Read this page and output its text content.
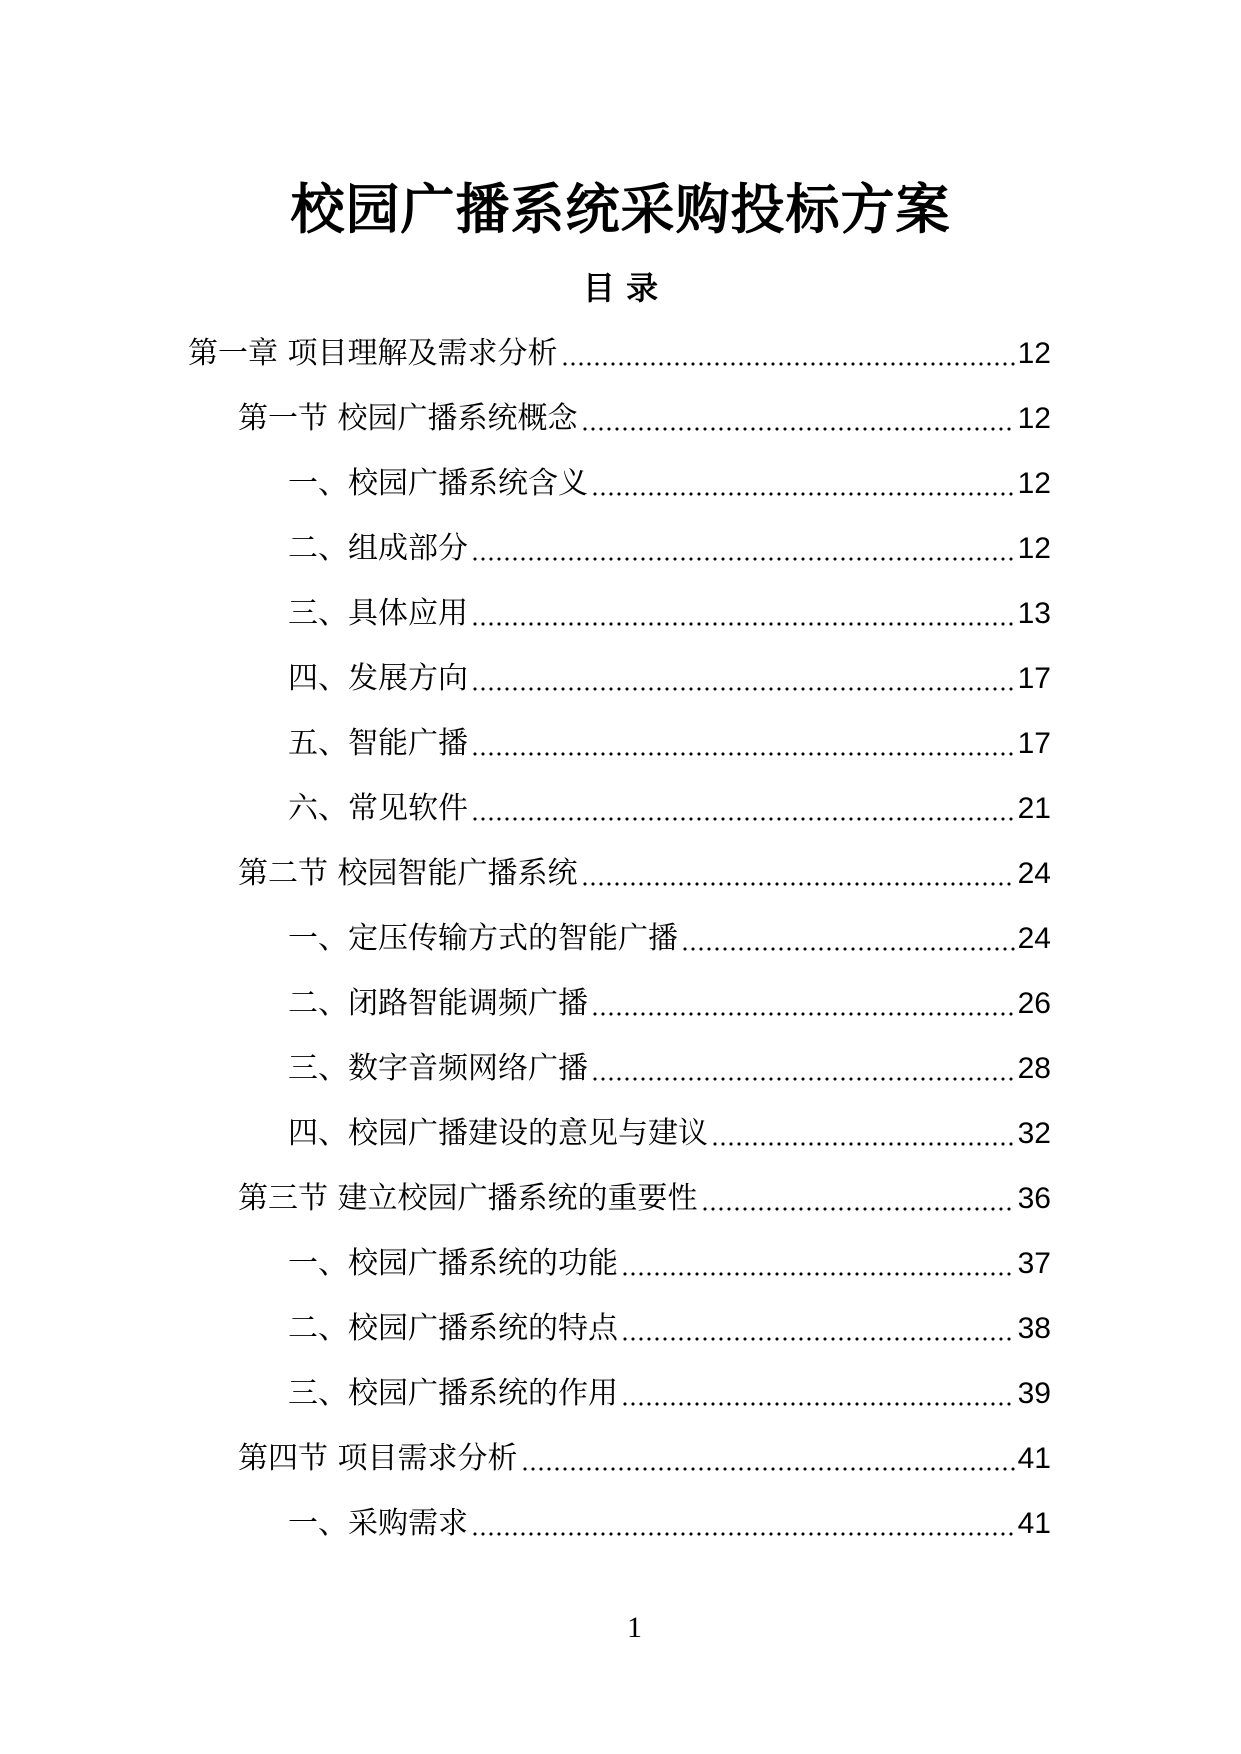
校园广播系统采购投标方案
目 录
第一章 项目理解及需求分析	12
第一节 校园广播系统概念	12
一、校园广播系统含义	12
二、组成部分	12
三、具体应用	13
四、发展方向	17
五、智能广播	17
六、常见软件	21
第二节 校园智能广播系统	24
一、定压传输方式的智能广播	24
二、闭路智能调频广播	26
三、数字音频网络广播	28
四、校园广播建设的意见与建议	32
第三节 建立校园广播系统的重要性	36
一、校园广播系统的功能	37
二、校园广播系统的特点	38
三、校园广播系统的作用	39
第四节 项目需求分析	41
一、采购需求	41
1
